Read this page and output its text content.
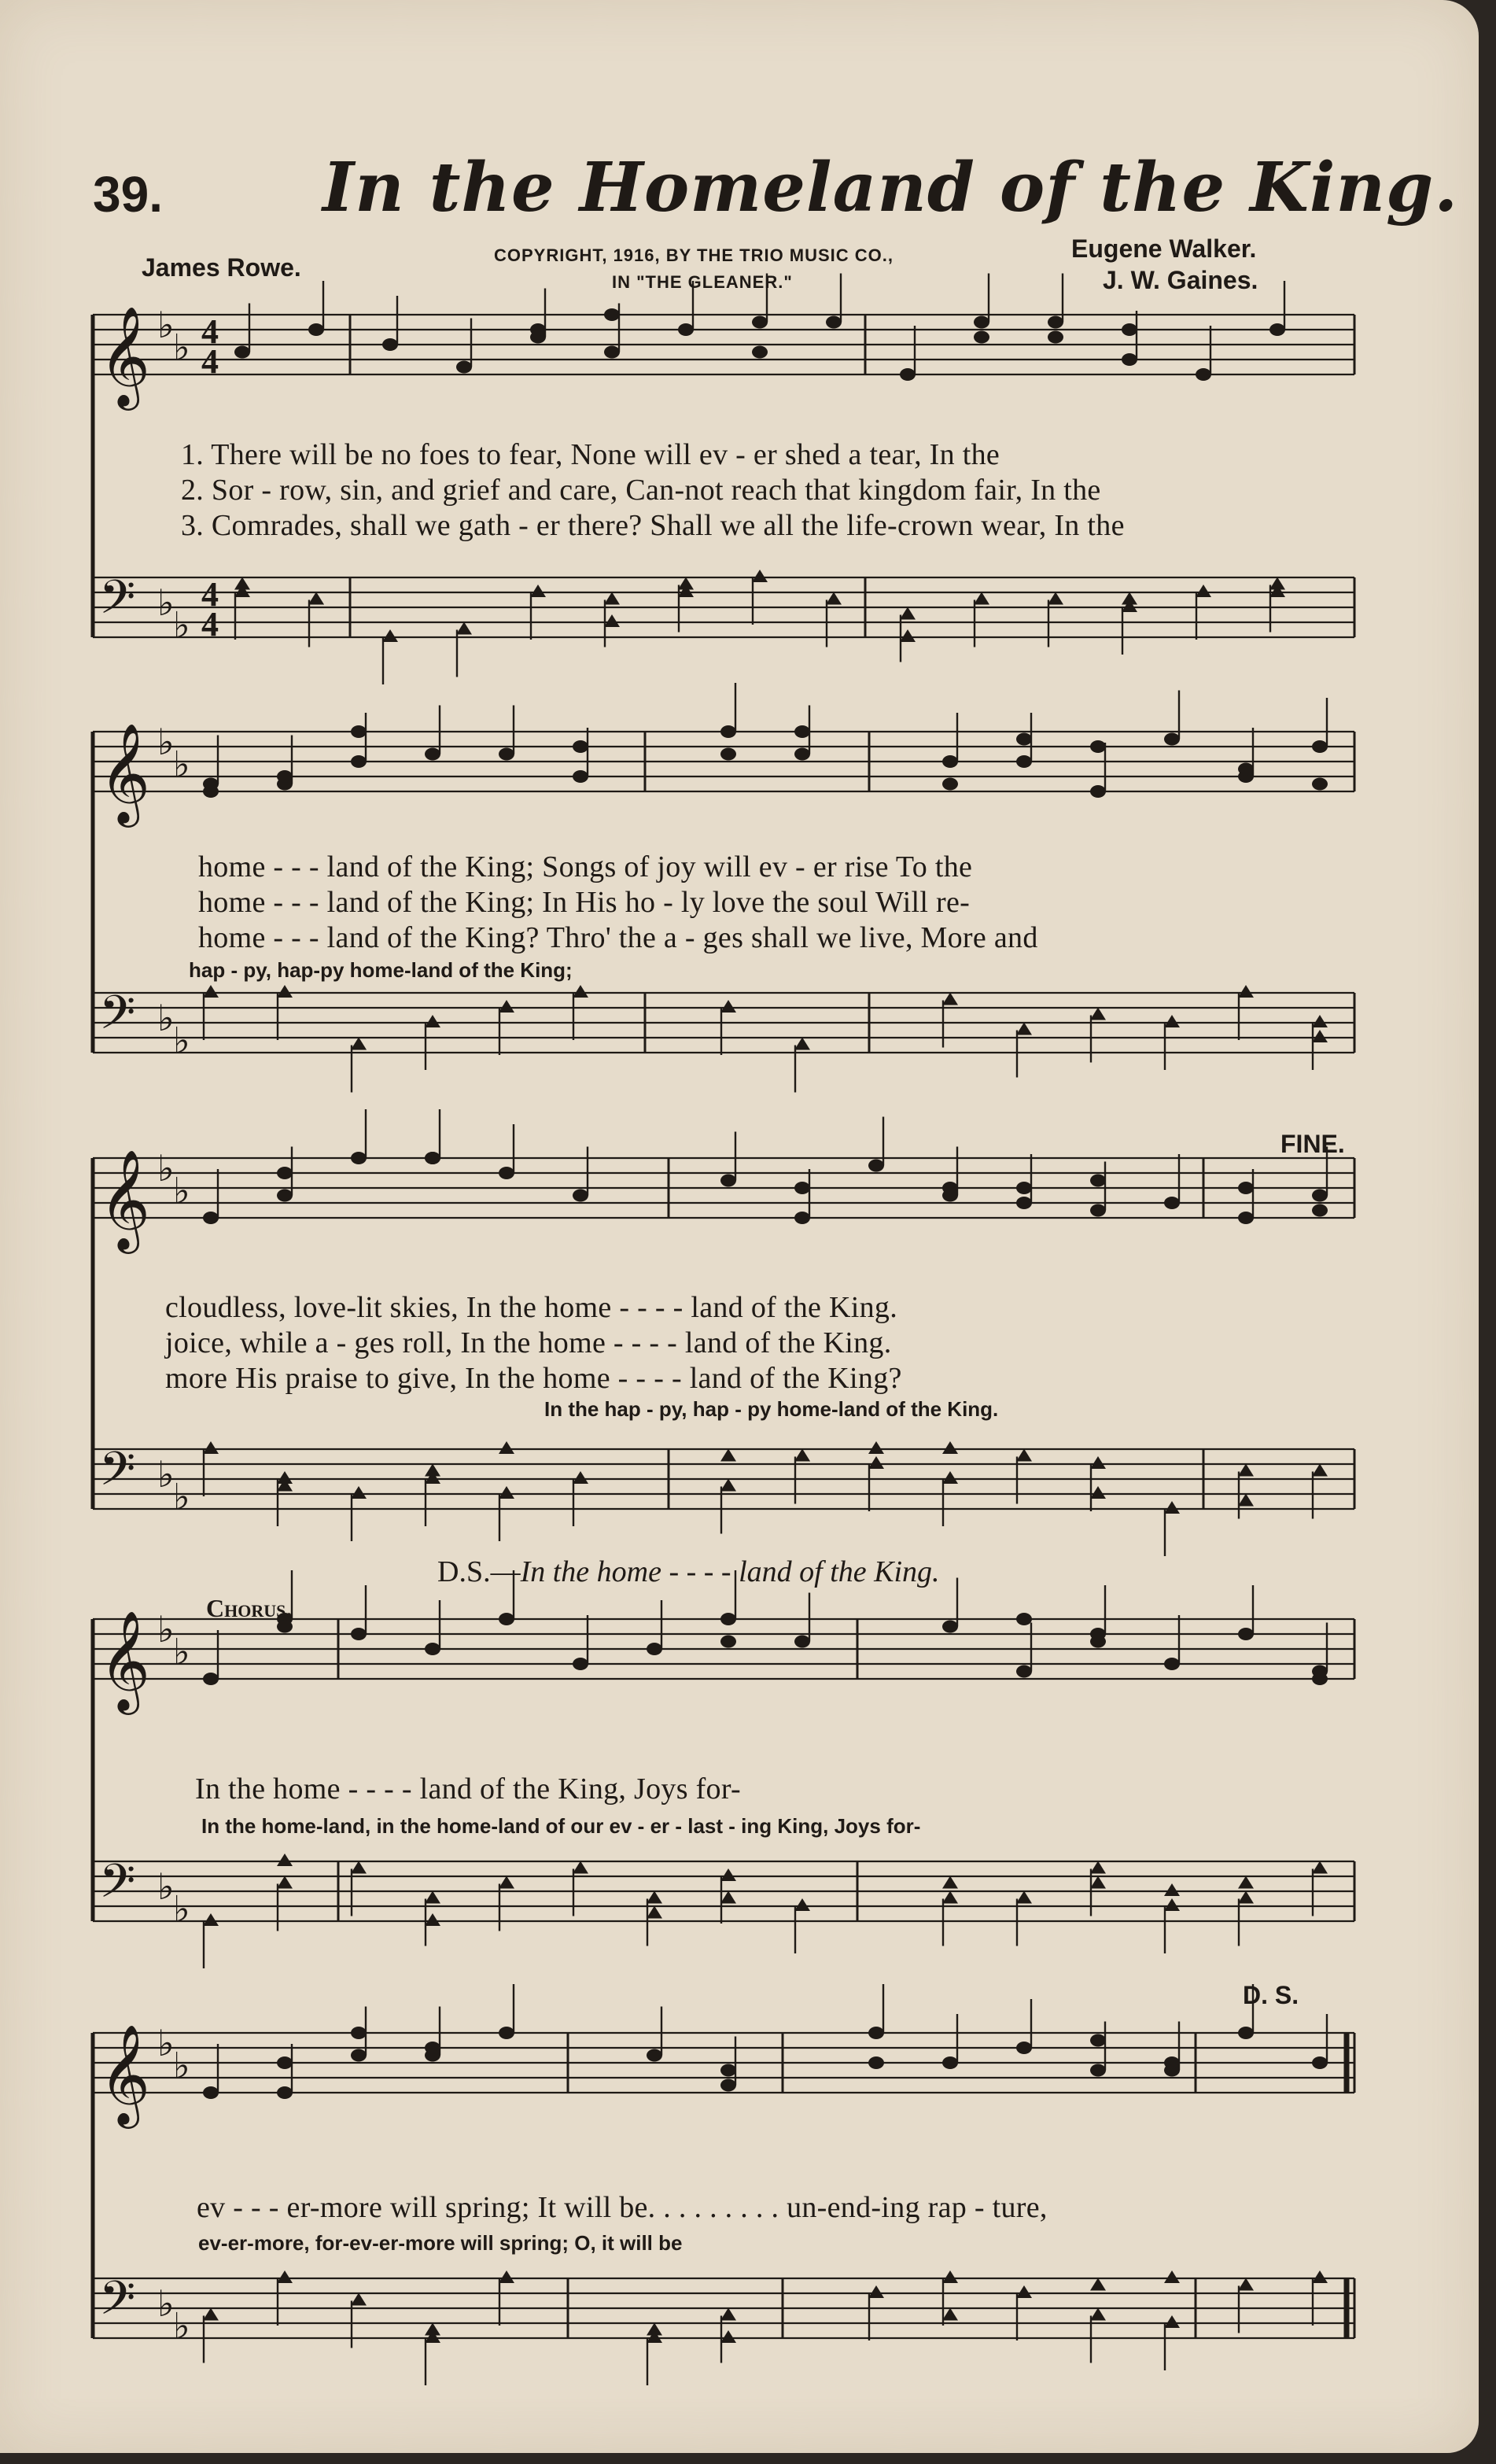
𝄞 ♭
♭ 4
4
𝄢 ♭
♭
4
4
𝄞 ♭
♭
𝄢 ♭
♭
𝄞 ♭
♭
𝄢 ♭
♭
𝄞 ♭
♭
𝄢 ♭
♭
𝄞 ♭
♭
𝄢 ♭
♭
39. In the Homeland of the King.
James Rowe.	COPYRIGHT, 1916, BY THE TRIO MUSIC CO.,
IN "THE GLEANER."
Eugene Walker.
J. W. Gaines.
1. There will be no foes to fear, None will ev - er shed a tear, In the
2. Sor - row, sin, and grief and care, Can-not reach that kingdom fair, In the
3. Comrades, shall we gath - er there? Shall we all the life-crown wear, In the
home - - - land of the King; Songs of joy will ev - er rise To the
home - - - land of the King; In His ho - ly love the soul Will re-
home - - - land of the King? Thro' the a - ges shall we live, More and
hap - py, hap-py home-land of the King;
FINE.
cloudless, love-lit skies, In the home - - - - land of the King.
joice, while a - ges roll, In the home - - - - land of the King.
more His praise to give, In the home - - - - land of the King?
In the hap - py, hap - py home-land of the King.
D.S.—In the home - - - - land of the King.
Chorus.
In the home - - - - land of the King, Joys for-
In the home-land, in the home-land of our ev - er - last - ing King, Joys for-
D. S.
ev - - - er-more will spring; It will be. . . . . . . . . un-end-ing rap - ture,
ev-er-more, for-ev-er-more will spring; O, it will be
